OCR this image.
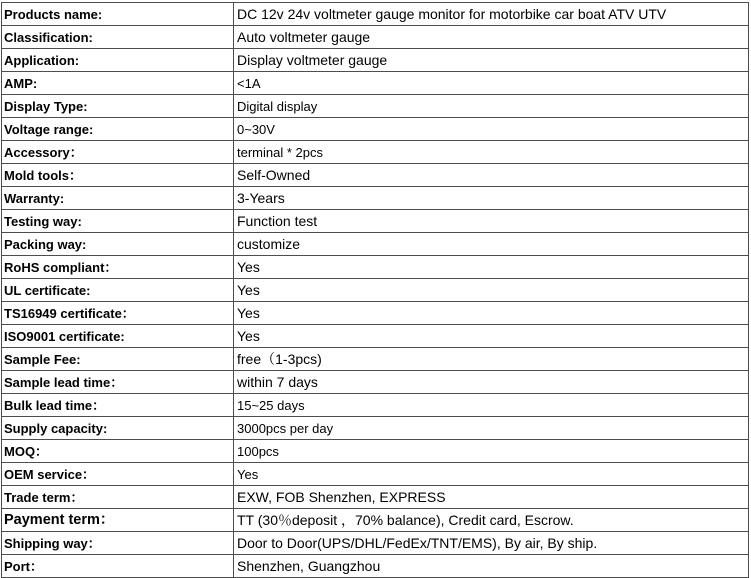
Products name:	DC 12v 24v voltmeter gauge monitor for motorbike car boat ATV UTV
Classification:	Auto voltmeter gauge
Application:	Display voltmeter gauge
AMP:	<1A
Display Type:	Digital display
Voltage range:	0~30V
Accessory：	terminal * 2pcs
Mold tools：	Self-Owned
Warranty:	3-Years
Testing way:	Function test
Packing way:	customize
RoHS compliant：	Yes
UL certificate:	Yes
TS16949 certificate：	Yes
ISO9001 certificate:	Yes
Sample Fee:	free（1-3pcs)
Sample lead time：	within 7 days
Bulk lead time：	15~25 days
Supply capacity:	3000pcs per day
MOQ：	100pcs
OEM service：	Yes
Trade term：	EXW, FOB Shenzhen, EXPRESS
Payment term：	TT (30％deposit ，70% balance), Credit card, Escrow.
Shipping way：	Door to Door(UPS/DHL/FedEx/TNT/EMS), By air, By ship.
Port：	Shenzhen, Guangzhou
